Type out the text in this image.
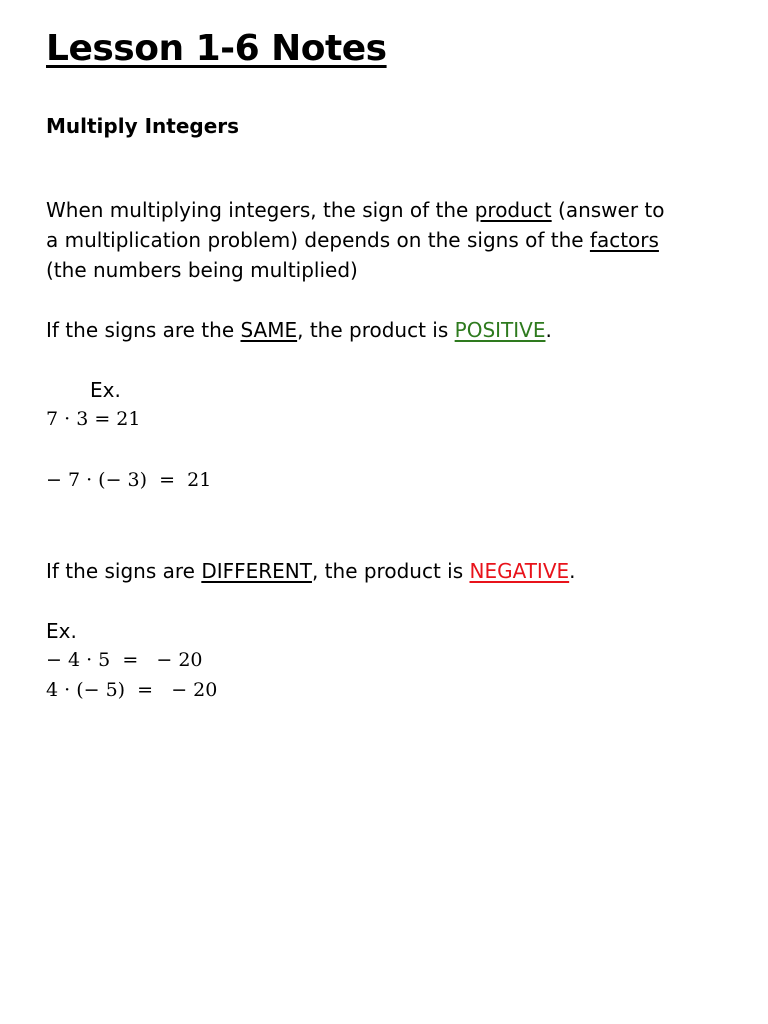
Lesson 1-6 Notes
Multiply Integers

When multiplying integers, the sign of the product (answer to

a multiplication problem) depends on the signs of the factors

(the numbers being multiplied)

If the signs are the SAME, the product is POSITIVE.
Ex.
7 · 3 = 21
− 7 · (− 3)  =  21
If the signs are DIFFERENT, the product is NEGATIVE.
Ex.
− 4 · 5  =   − 20
4 · (− 5)  =   − 20
